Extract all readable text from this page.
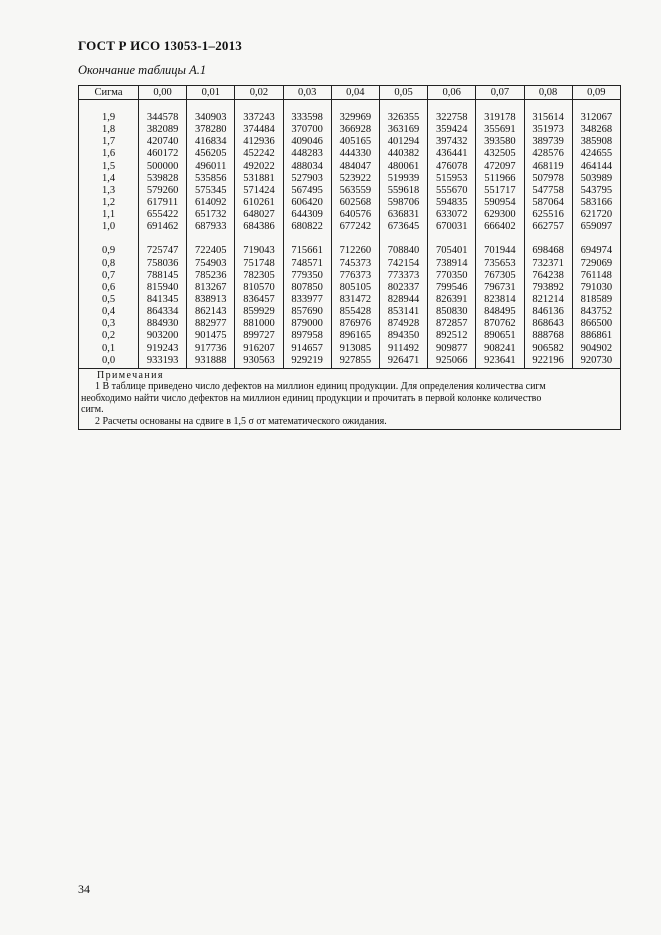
ГОСТ Р ИСО 13053-1–2013
Окончание таблицы А.1
Сигма	0,00	0,01	0,02	0,03	0,04	0,05	0,06	0,07	0,08	0,09

1,9	344578	340903	337243	333598	329969	326355	322758	319178	315614	312067
1,8	382089	378280	374484	370700	366928	363169	359424	355691	351973	348268
1,7	420740	416834	412936	409046	405165	401294	397432	393580	389739	385908
1,6	460172	456205	452242	448283	444330	440382	436441	432505	428576	424655
1,5	500000	496011	492022	488034	484047	480061	476078	472097	468119	464144
1,4	539828	535856	531881	527903	523922	519939	515953	511966	507978	503989
1,3	579260	575345	571424	567495	563559	559618	555670	551717	547758	543795
1,2	617911	614092	610261	606420	602568	598706	594835	590954	587064	583166
1,1	655422	651732	648027	644309	640576	636831	633072	629300	625516	621720
1,0	691462	687933	684386	680822	677242	673645	670031	666402	662757	659097

0,9	725747	722405	719043	715661	712260	708840	705401	701944	698468	694974
0,8	758036	754903	751748	748571	745373	742154	738914	735653	732371	729069
0,7	788145	785236	782305	779350	776373	773373	770350	767305	764238	761148
0,6	815940	813267	810570	807850	805105	802337	799546	796731	793892	791030
0,5	841345	838913	836457	833977	831472	828944	826391	823814	821214	818589
0,4	864334	862143	859929	857690	855428	853141	850830	848495	846136	843752
0,3	884930	882977	881000	879000	876976	874928	872857	870762	868643	866500
0,2	903200	901475	899727	897958	896165	894350	892512	890651	888768	886861
0,1	919243	917736	916207	914657	913085	911492	909877	908241	906582	904902
0,0	933193	931888	930563	929219	927855	926471	925066	923641	922196	920730
Примечания
1 В таблице приведено число дефектов на миллион единиц продукции. Для определения количества сигм
необходимо найти число дефектов на миллион единиц продукции и прочитать в первой колонке количество
сигм.
2 Расчеты основаны на сдвиге в 1,5 σ от математического ожидания.
34
